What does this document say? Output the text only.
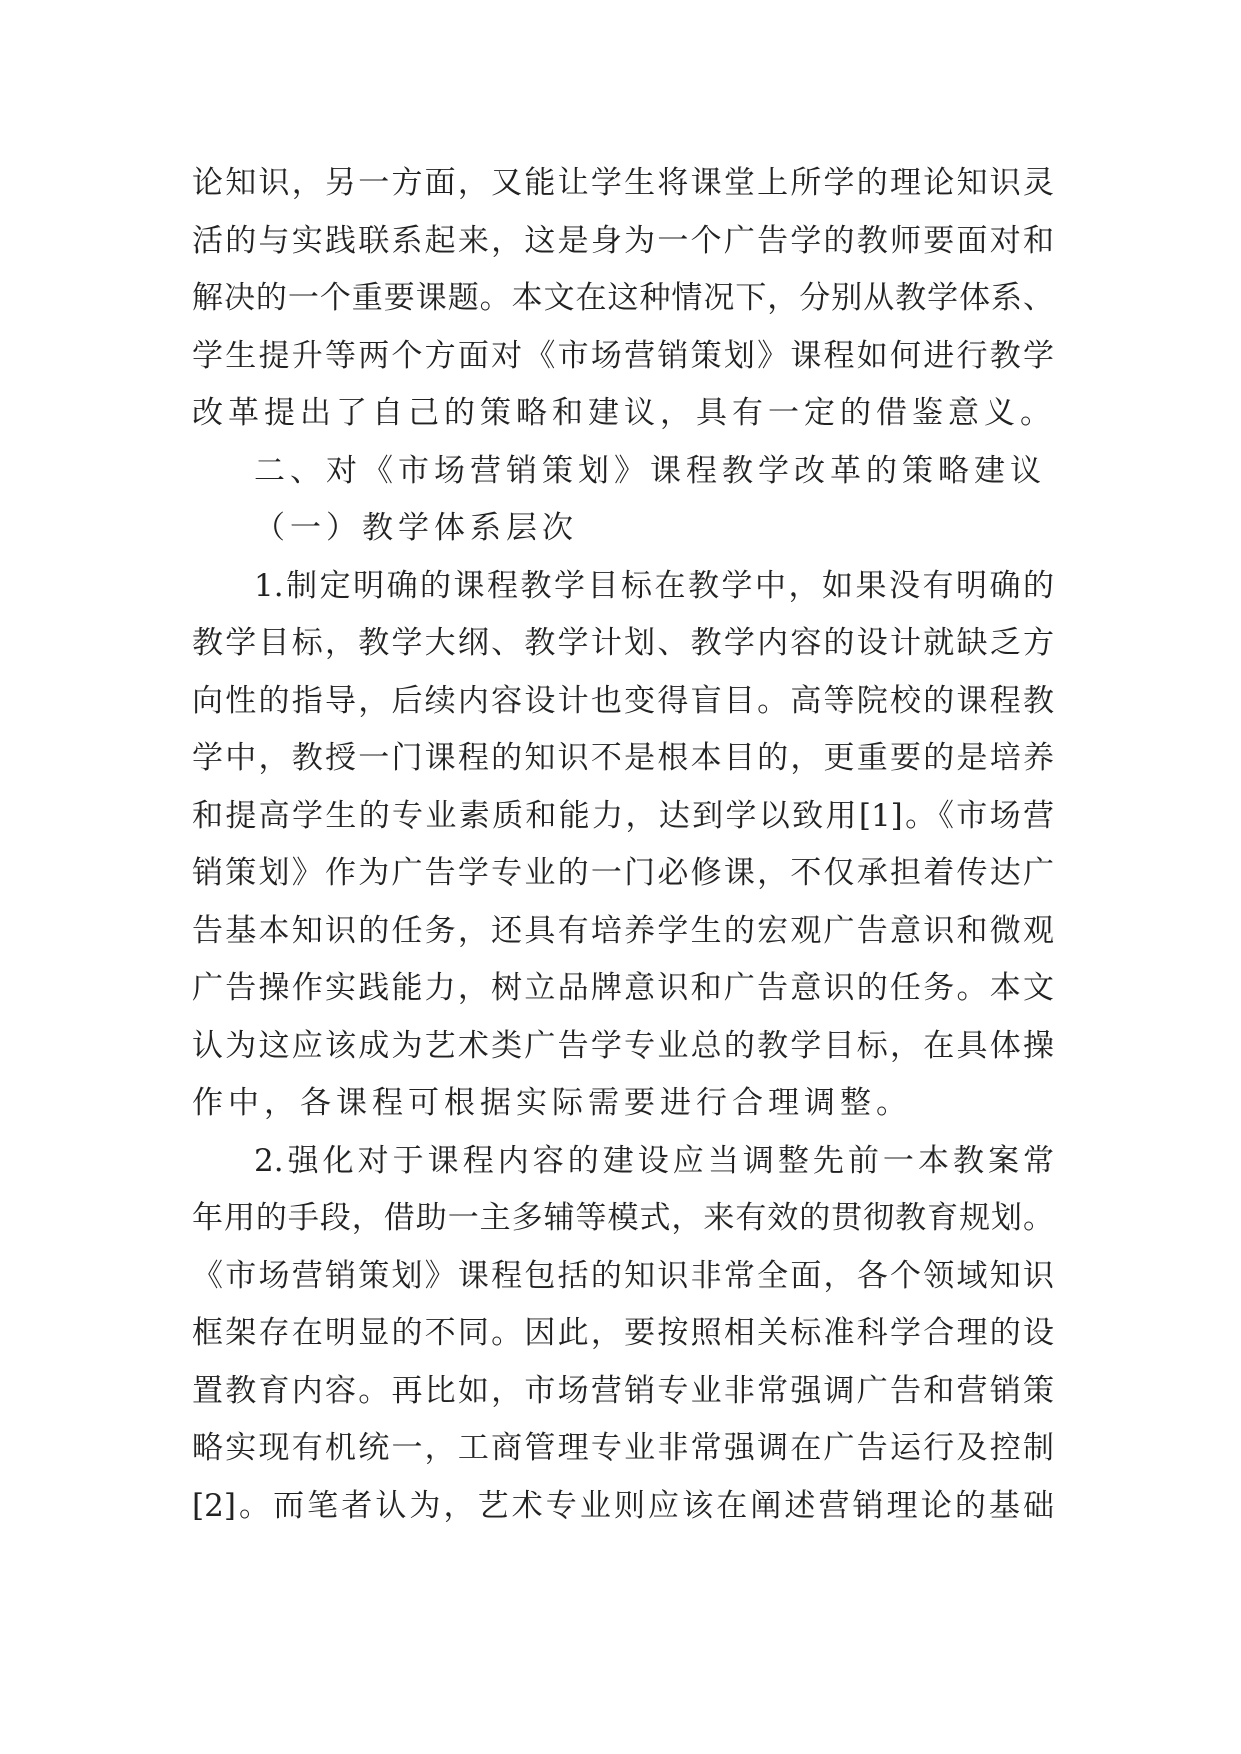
论知识，另一方面，又能让学生将课堂上所学的理论知识灵
活的与实践联系起来，这是身为一个广告学的教师要面对和
解决的一个重要课题。本文在这种情况下，分别从教学体系、
学生提升等两个方面对《市场营销策划》课程如何进行教学
改革提出了自己的策略和建议，具有一定的借鉴意义。
二、对《市场营销策划》课程教学改革的策略建议
（一）教学体系层次
1.制定明确的课程教学目标在教学中，如果没有明确的
教学目标，教学大纲、教学计划、教学内容的设计就缺乏方
向性的指导，后续内容设计也变得盲目。高等院校的课程教
学中，教授一门课程的知识不是根本目的，更重要的是培养
和提高学生的专业素质和能力，达到学以致用[1]。《市场营
销策划》作为广告学专业的一门必修课，不仅承担着传达广
告基本知识的任务，还具有培养学生的宏观广告意识和微观
广告操作实践能力，树立品牌意识和广告意识的任务。本文
认为这应该成为艺术类广告学专业总的教学目标，在具体操
作中，各课程可根据实际需要进行合理调整。
2.强化对于课程内容的建设应当调整先前一本教案常
年用的手段，借助一主多辅等模式，来有效的贯彻教育规划。
《市场营销策划》课程包括的知识非常全面，各个领域知识
框架存在明显的不同。因此，要按照相关标准科学合理的设
置教育内容。再比如，市场营销专业非常强调广告和营销策
略实现有机统一，工商管理专业非常强调在广告运行及控制
[2]。而笔者认为，艺术专业则应该在阐述营销理论的基础
